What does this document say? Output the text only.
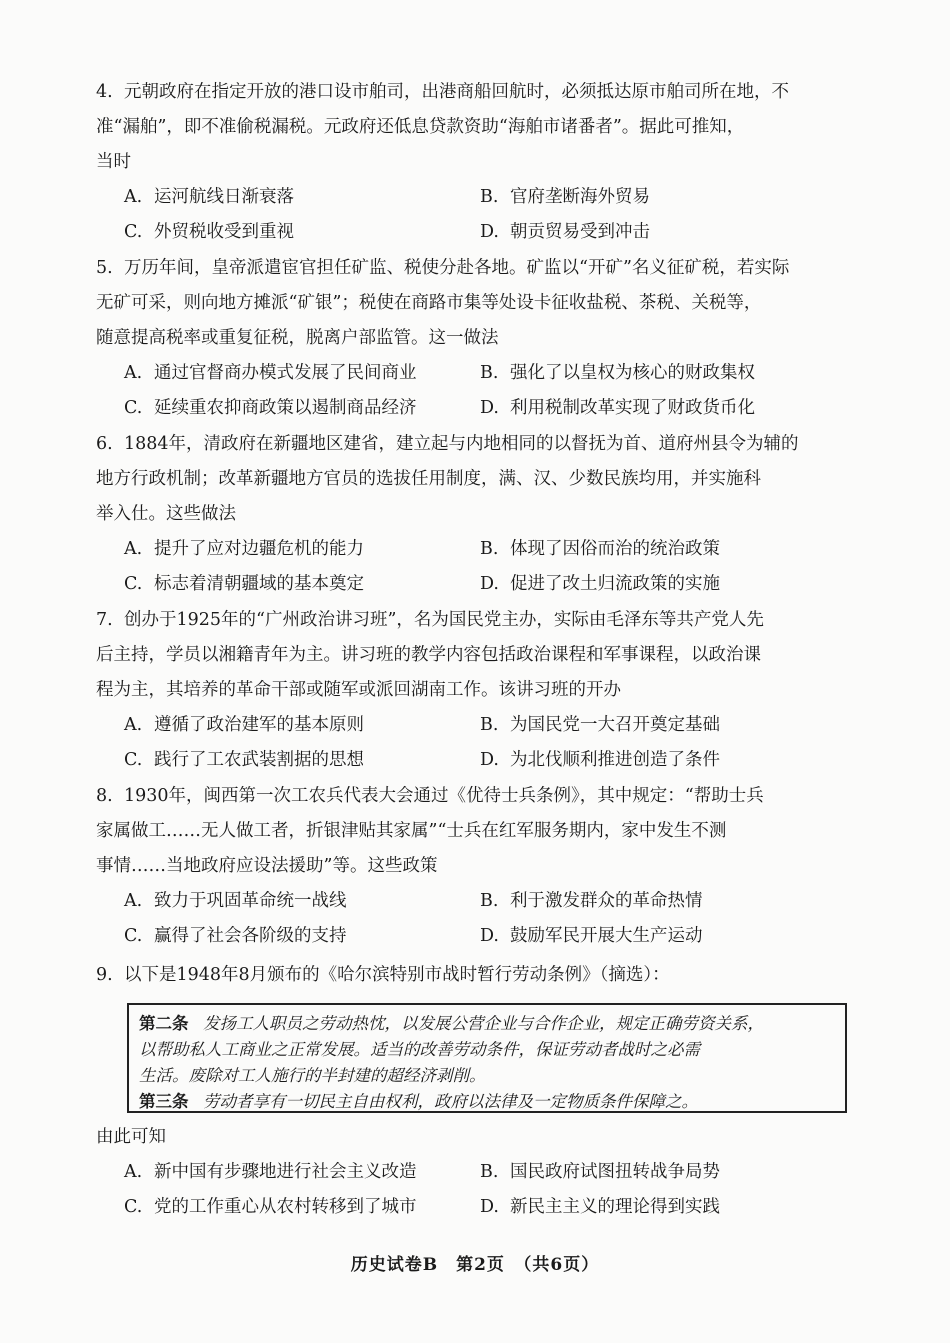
4. 元朝政府在指定开放的港口设市舶司，出港商船回航时，必须抵达原市舶司所在地，不

准“漏舶”，即不准偷税漏税。元政府还低息贷款资助“海舶市诸番者”。据此可推知，

当时

A. 运河航线日渐衰落	B. 官府垄断海外贸易
C. 外贸税收受到重视	D. 朝贡贸易受到冲击

5. 万历年间，皇帝派遣宦官担任矿监、税使分赴各地。矿监以“开矿”名义征矿税，若实际

无矿可采，则向地方摊派“矿银”；税使在商路市集等处设卡征收盐税、茶税、关税等，

随意提高税率或重复征税，脱离户部监管。这一做法

A. 通过官督商办模式发展了民间商业	B. 强化了以皇权为核心的财政集权
C. 延续重农抑商政策以遏制商品经济	D. 利用税制改革实现了财政货币化

6. 1884年，清政府在新疆地区建省，建立起与内地相同的以督抚为首、道府州县令为辅的

地方行政机制；改革新疆地方官员的选拔任用制度，满、汉、少数民族均用，并实施科

举入仕。这些做法

A. 提升了应对边疆危机的能力	B. 体现了因俗而治的统治政策
C. 标志着清朝疆域的基本奠定	D. 促进了改土归流政策的实施

7. 创办于1925年的“广州政治讲习班”，名为国民党主办，实际由毛泽东等共产党人先

后主持，学员以湘籍青年为主。讲习班的教学内容包括政治课程和军事课程，以政治课

程为主，其培养的革命干部或随军或派回湖南工作。该讲习班的开办

A. 遵循了政治建军的基本原则	B. 为国民党一大召开奠定基础
C. 践行了工农武装割据的思想	D. 为北伐顺利推进创造了条件

8. 1930年，闽西第一次工农兵代表大会通过《优待士兵条例》，其中规定：“帮助士兵

家属做工……无人做工者，折银津贴其家属”“士兵在红军服务期内，家中发生不测

事情……当地政府应设法援助”等。这些政策

A. 致力于巩固革命统一战线	B. 利于激发群众的革命热情
C. 赢得了社会各阶级的支持	D. 鼓励军民开展大生产运动

9. 以下是1948年8月颁布的《哈尔滨特别市战时暂行劳动条例》（摘选）：

第二条 发扬工人职员之劳动热忱，以发展公营企业与合作企业，规定正确劳资关系，

以帮助私人工商业之正常发展。适当的改善劳动条件，保证劳动者战时之必需

生活。废除对工人施行的半封建的超经济剥削。

第三条 劳动者享有一切民主自由权利，政府以法律及一定物质条件保障之。

由此可知

A. 新中国有步骤地进行社会主义改造	B. 国民政府试图扭转战争局势
C. 党的工作重心从农村转移到了城市	D. 新民主主义的理论得到实践
历史试卷B　第2页　（共6页）
